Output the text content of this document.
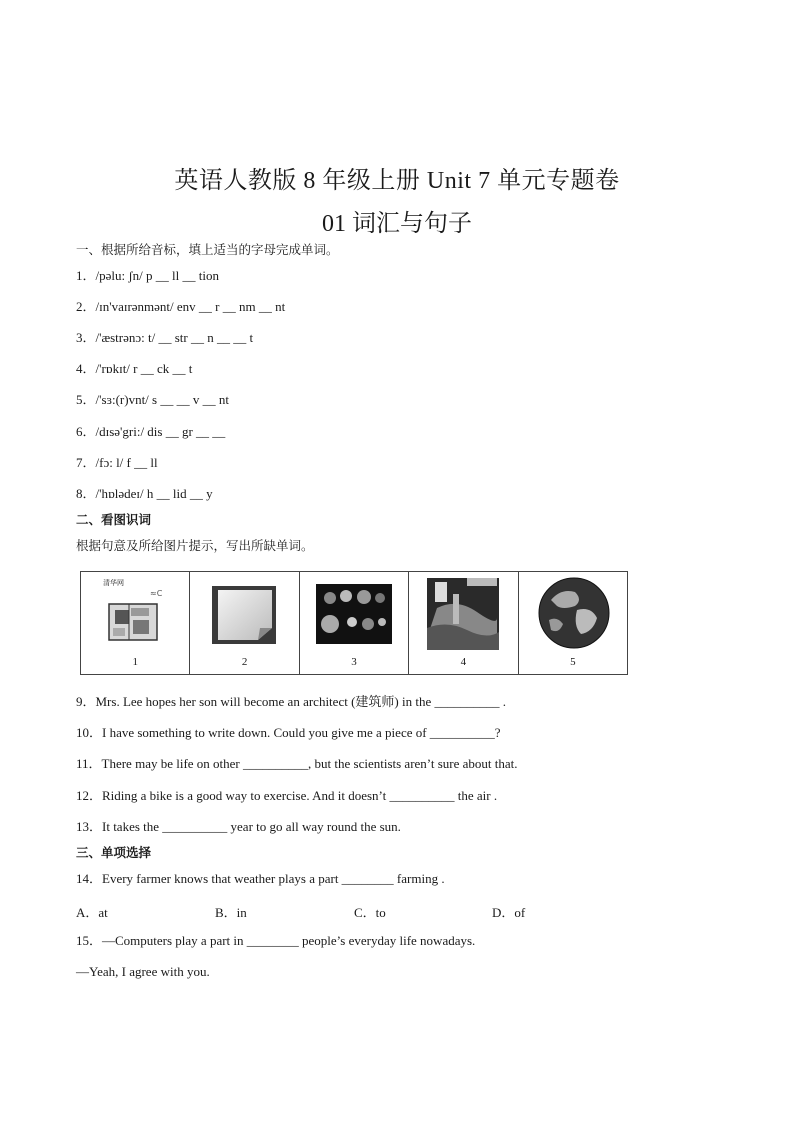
英语人教版 8 年级上册 Unit 7 单元专题卷
01 词汇与句子
一、根据所给音标，填上适当的字母完成单词。
1．/pəlu: ʃn/ p __ ll __ tion
2．/ɪn'vaɪrənmənt/ env __ r __ nm __ nt
3．/'æstrənɔ: t/ __ str __ n __ __ t
4．/'rɒkɪt/ r __ ck __ t
5．/'sɜ:(r)vnt/ s __ __ v __ nt
6．/dɪsə'gri:/ dis __ gr __ __
7．/fɔ: l/ f __ ll
8．/'hɒlədeɪ/ h __ lid __ y
二、看图识词
根据句意及所给图片提示，写出所缺单词。
清华网
≈C
1	2	3	4	5
9．Mrs. Lee hopes her son will become an architect (建筑师) in the __________ .
10．I have something to write down. Could you give me a piece of __________?
11．There may be life on other __________, but the scientists aren’t sure about that.
12．Riding a bike is a good way to exercise. And it doesn’t __________ the air .
13．It takes the __________ year to go all way round the sun.
三、单项选择
14．Every farmer knows that weather plays a part ________ farming .
A．at	B．in	C．to	D．of
15．—Computers play a part in ________ people’s everyday life nowadays.
—Yeah, I agree with you.
